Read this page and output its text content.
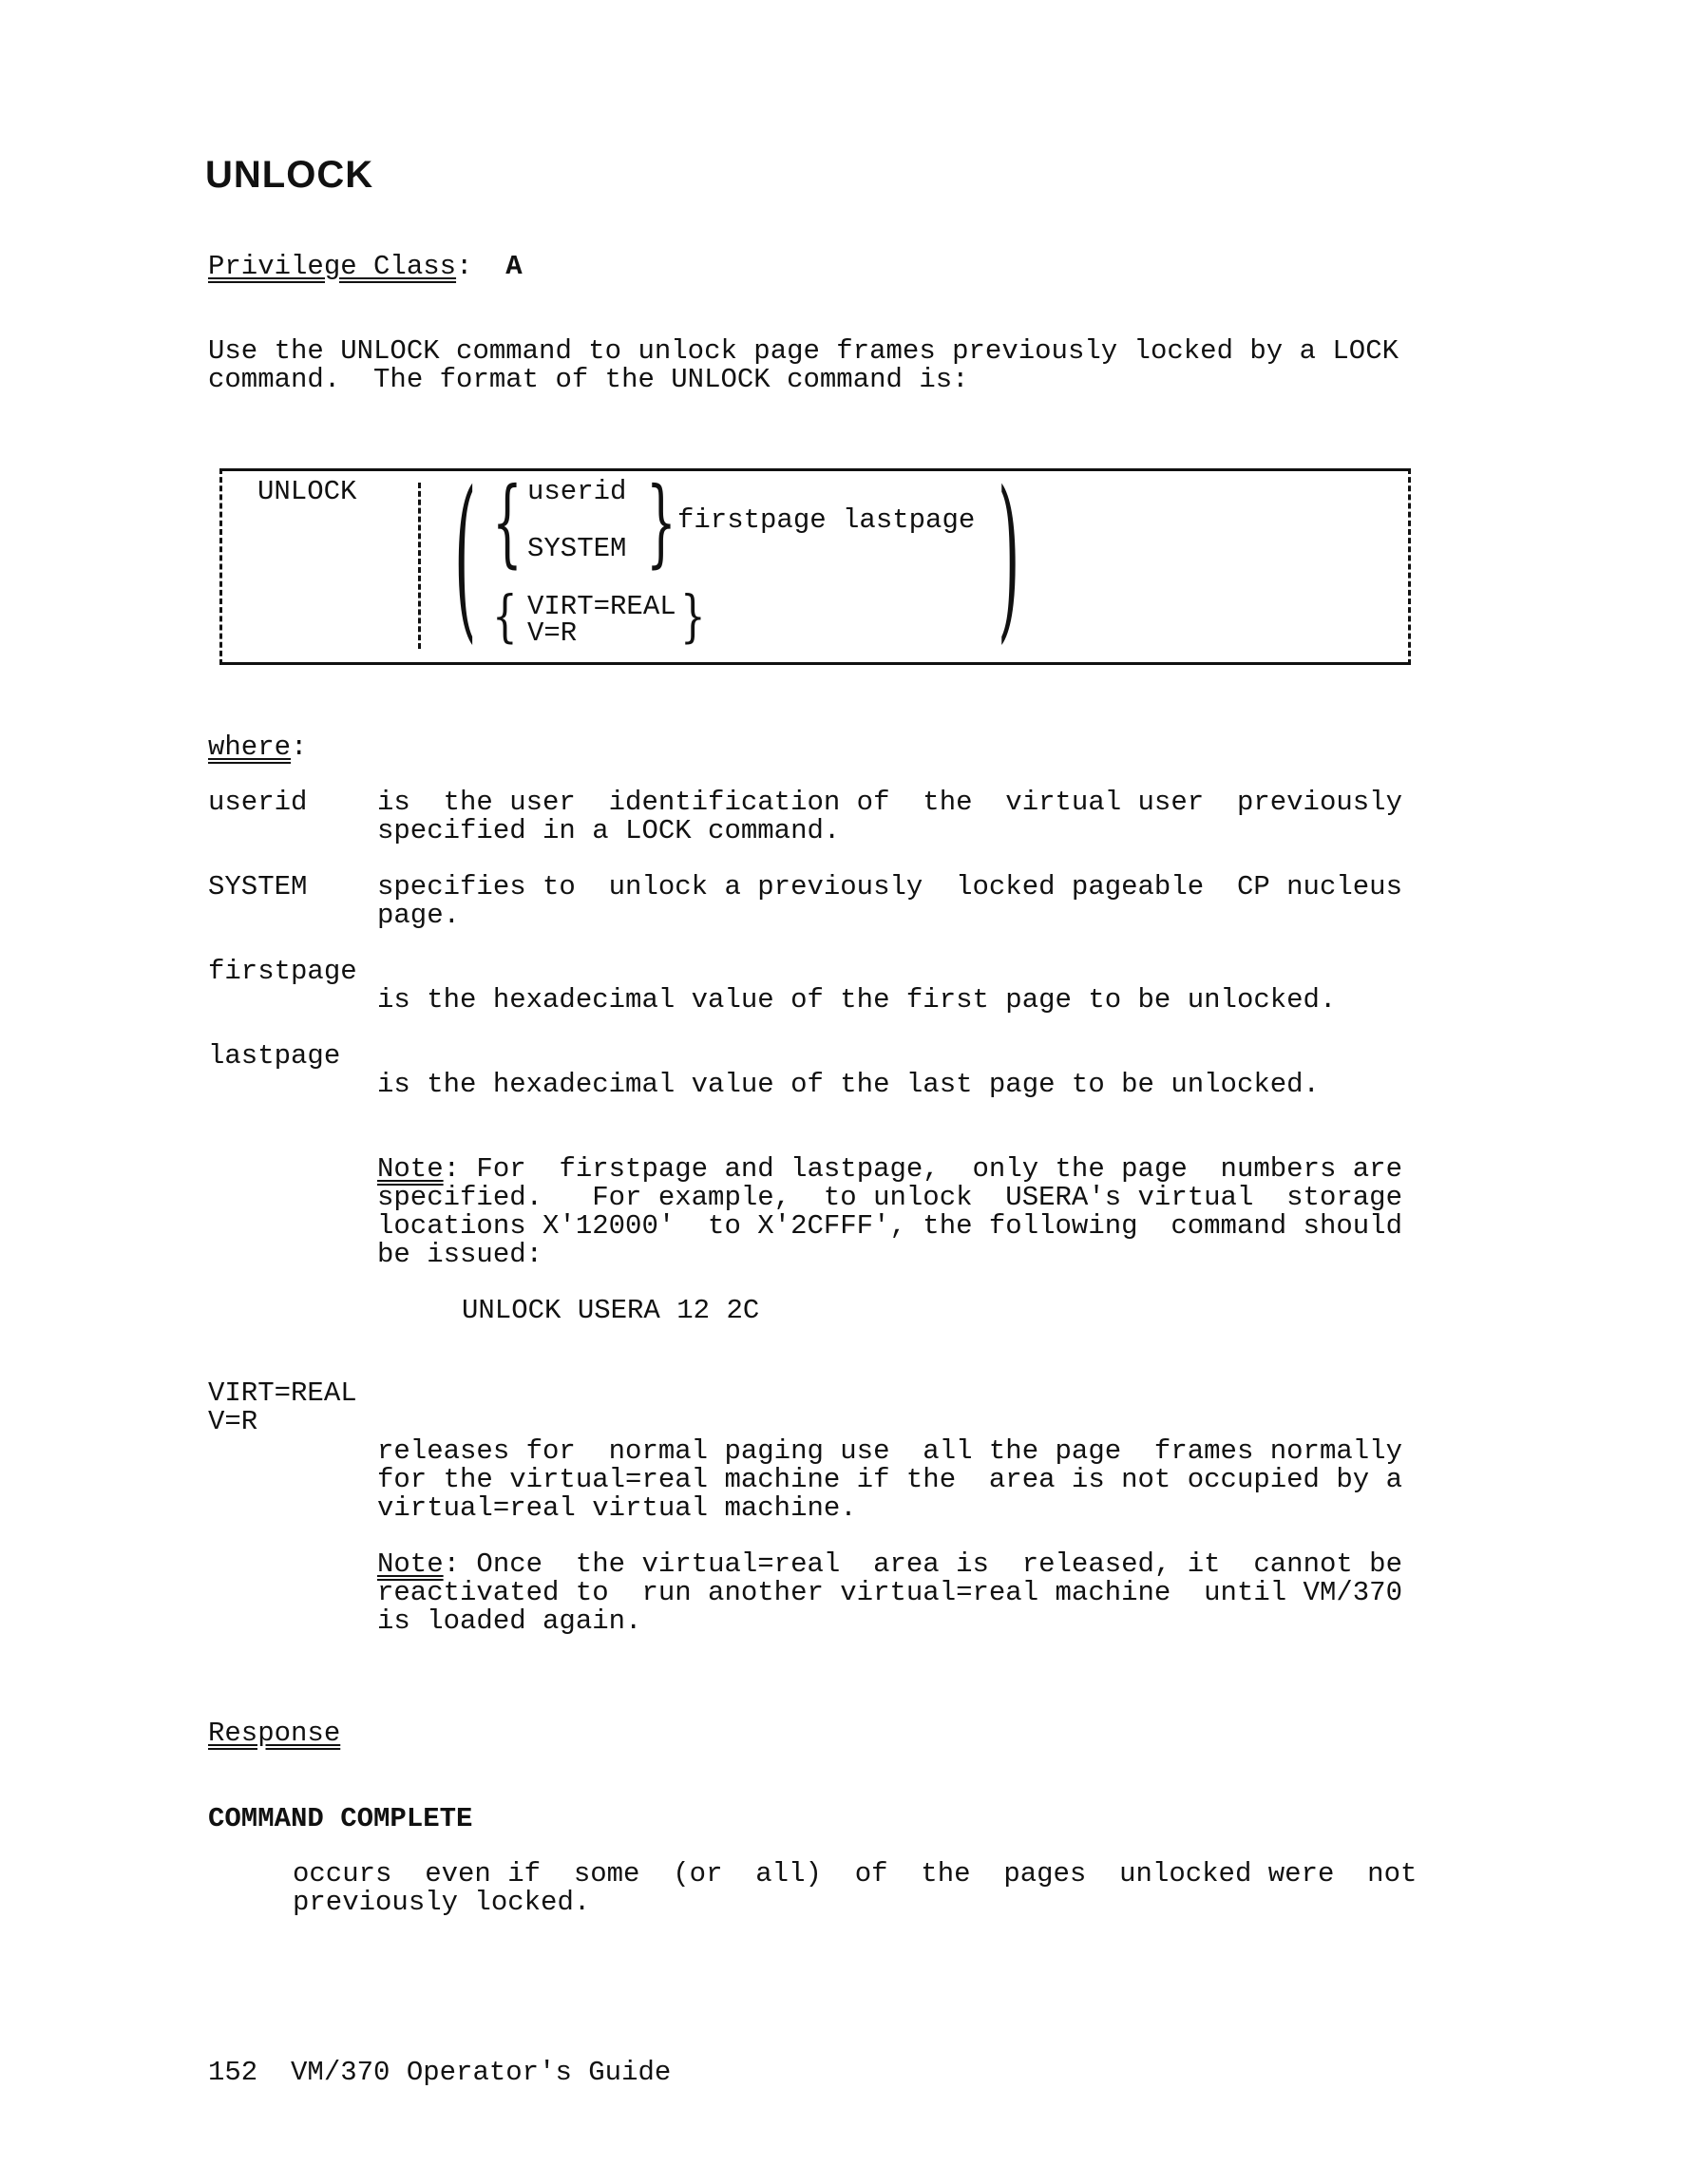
UNLOCK
Privilege Class:  A
Use the UNLOCK command to unlock page frames previously locked by a LOCK
command.  The format of the UNLOCK command is:
UNLOCK (	)
{ userid
SYSTEM } firstpage lastpage
{ VIRT=REAL
V=R	}
where:
userid	is  the user  identification of  the  virtual user  previously
specified in a LOCK command.
SYSTEM	specifies to  unlock a previously  locked pageable  CP nucleus
page.
firstpage
is the hexadecimal value of the first page to be unlocked.
lastpage
is the hexadecimal value of the last page to be unlocked.
Note: For  firstpage and lastpage,  only the page  numbers are
specified.   For example,  to unlock  USERA's virtual  storage
locations X'12000'  to X'2CFFF', the following  command should
be issued:
UNLOCK USERA 12 2C
VIRT=REAL
V=R
releases for  normal paging use  all the page  frames normally
for the virtual=real machine if the  area is not occupied by a
virtual=real virtual machine.
Note: Once  the virtual=real  area is  released, it  cannot be
reactivated to  run another virtual=real machine  until VM/370
is loaded again.
Response
COMMAND COMPLETE
occurs  even if  some  (or  all)  of  the  pages  unlocked were  not
previously locked.
152  VM/370 Operator's Guide
